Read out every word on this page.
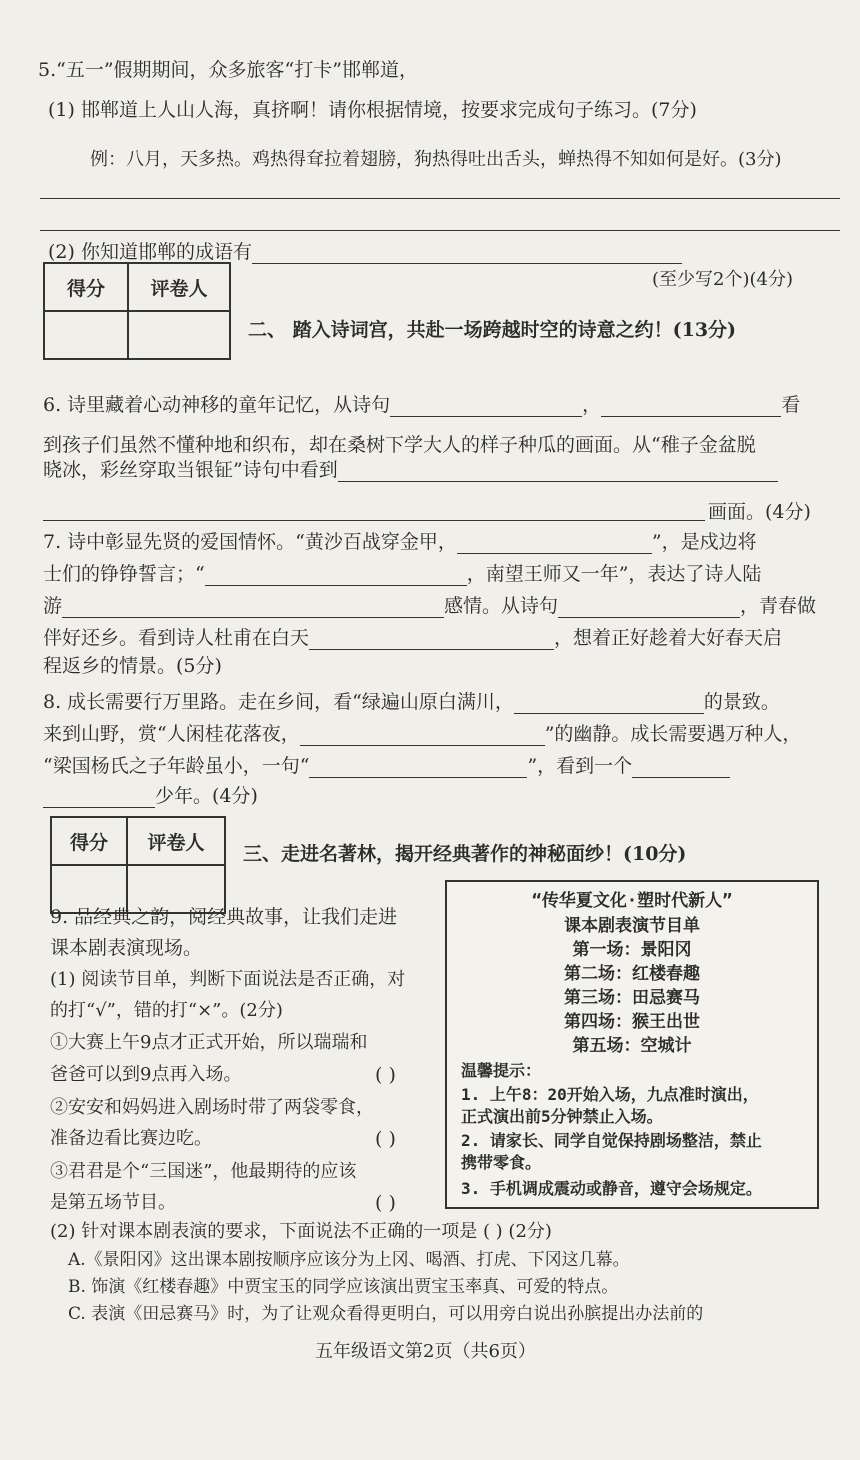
5.“五一”假期期间，众多旅客“打卡”邯郸道，
(1) 邯郸道上人山人海，真挤啊！请你根据情境，按要求完成句子练习。(7分)
例：八月，天多热。鸡热得耷拉着翅膀，狗热得吐出舌头，蝉热得不知如何是好。(3分)
(2) 你知道邯郸的成语有
(至少写2个)(4分)
得分	评卷人

二、 踏入诗词宫，共赴一场跨越时空的诗意之约！(13分)
6. 诗里藏着心动神移的童年记忆，从诗句	，	看
到孩子们虽然不懂种地和织布，却在桑树下学大人的样子种瓜的画面。从“稚子金盆脱
晓冰，彩丝穿取当银钲”诗句中看到
画面。(4分)
7. 诗中彰显先贤的爱国情怀。“黄沙百战穿金甲，	”，是戍边将
士们的铮铮誓言；“	，南望王师又一年”，表达了诗人陆
游	感情。从诗句	，青春做
伴好还乡。看到诗人杜甫在白天	，想着正好趁着大好春天启
程返乡的情景。(5分)
8. 成长需要行万里路。走在乡间，看“绿遍山原白满川，	的景致。
来到山野，赏“人闲桂花落夜，	”的幽静。成长需要遇万种人，
“梁国杨氏之子年龄虽小，一句“	”，看到一个
少年。(4分)
得分	评卷人

三、走进名著林，揭开经典著作的神秘面纱！(10分)
9. 品经典之韵，阅经典故事，让我们走进
课本剧表演现场。
(1) 阅读节目单，判断下面说法是否正确，对
的打“√”，错的打“×”。(2分)
①大赛上午9点才正式开始，所以瑞瑞和
爸爸可以到9点再入场。	( )
②安安和妈妈进入剧场时带了两袋零食，
准备边看比赛边吃。	( )
③君君是个“三国迷”，他最期待的应该
是第五场节目。	( )
“传华夏文化·塑时代新人”
课本剧表演节目单
第一场：景阳冈
第二场：红楼春趣
第三场：田忌赛马
第四场：猴王出世
第五场：空城计
温馨提示：
1. 上午8：20开始入场，九点准时演出，
正式演出前5分钟禁止入场。
2. 请家长、同学自觉保持剧场整洁，禁止
携带零食。
3. 手机调成震动或静音，遵守会场规定。
(2) 针对课本剧表演的要求，下面说法不正确的一项是 ( ) (2分)
A.《景阳冈》这出课本剧按顺序应该分为上冈、喝酒、打虎、下冈这几幕。
B. 饰演《红楼春趣》中贾宝玉的同学应该演出贾宝玉率真、可爱的特点。
C. 表演《田忌赛马》时，为了让观众看得更明白，可以用旁白说出孙膑提出办法前的
五年级语文第2页（共6页）
